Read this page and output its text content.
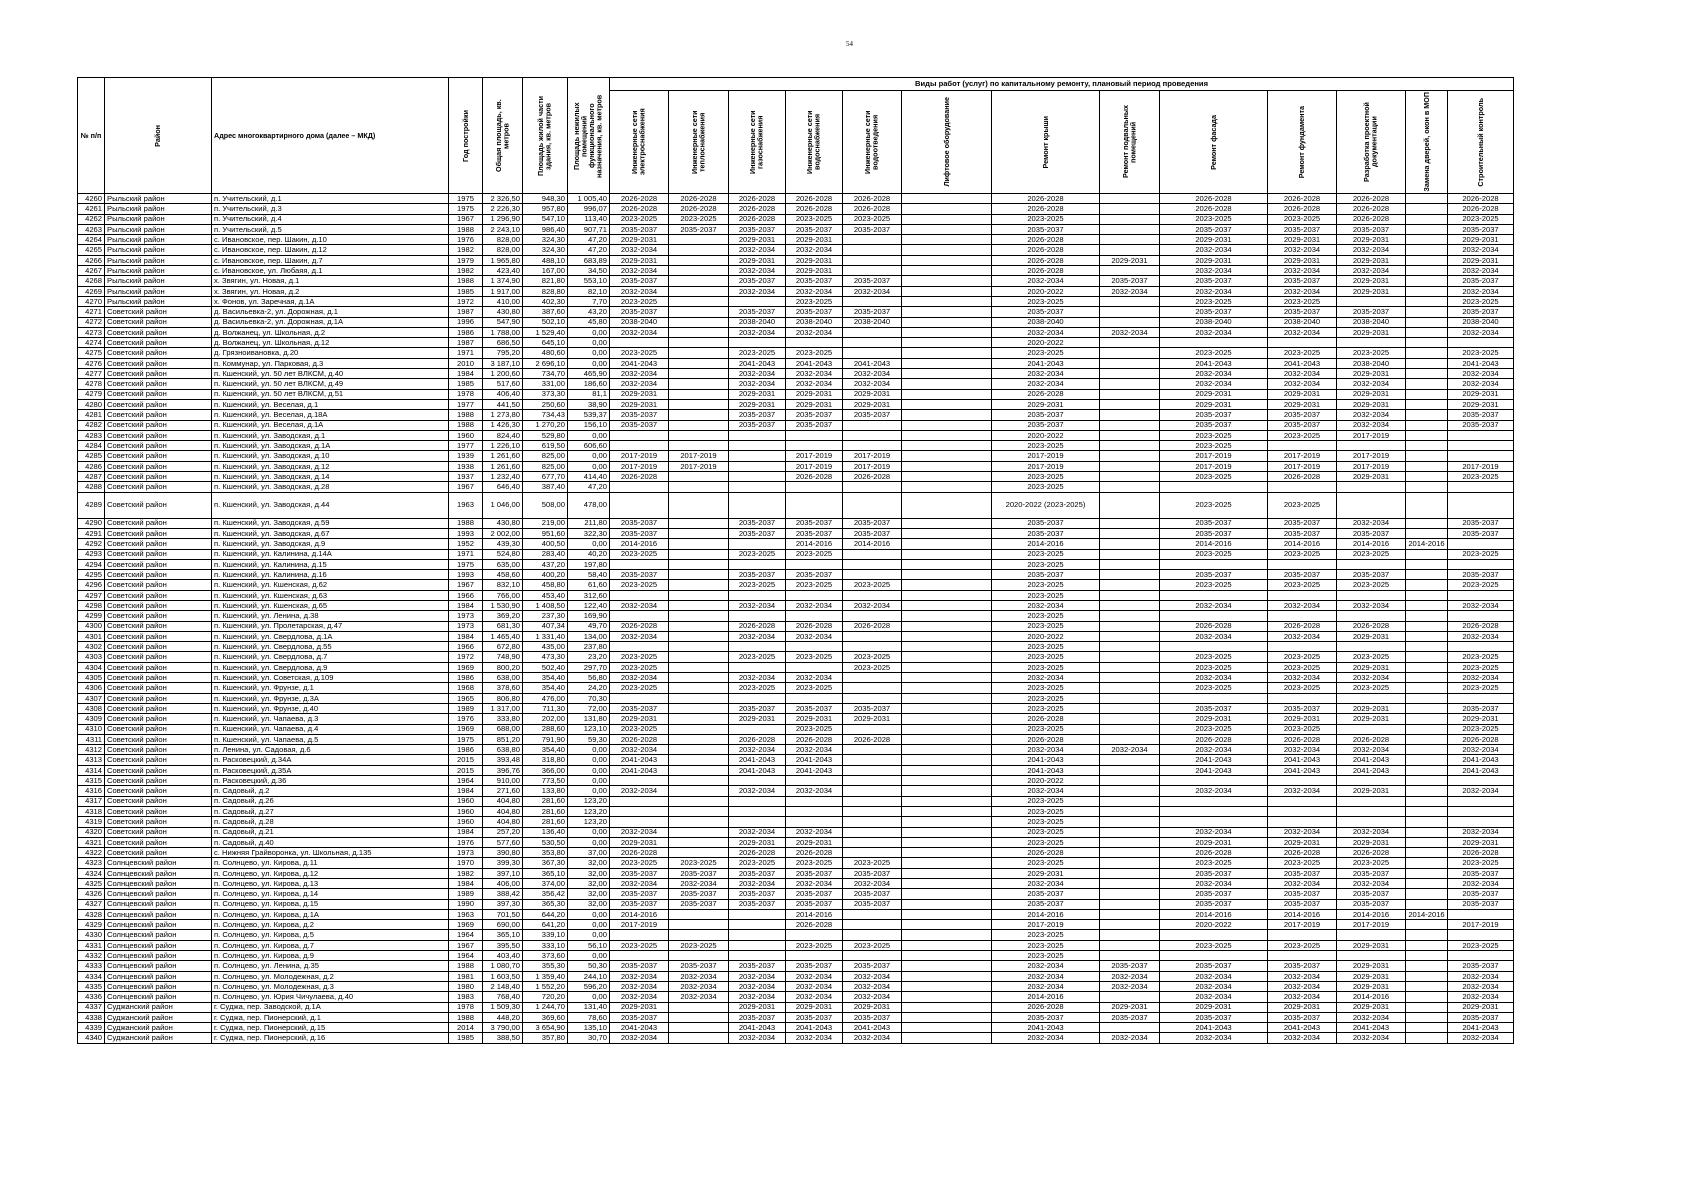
54
№ п/п	Район	Адрес многоквартирного дома (далее – МКД)	Год постройки	Общая площадь, кв. метров	Площадь жилой части здания, кв. метров	Площадь нежилых помещений функционального назначения, кв. метров	Виды работ (услуг) по капитальному ремонту, плановый период проведения												

							Инженерные сети электроснабжения	Инженерные сети теплоснабжения	Инженерные сети газоснабжения	Инженерные сети водоснабжения	Инженерные сети водоотведения	Лифтовое оборудование	Ремонт крыши	Ремонт подвальных помещений	Ремонт фасада	Ремонт фундамента	Разработка проектной документации	Замена дверей, окон в МОП	Строительный контроль

4260	Рыльский район	п. Учительский, д.1	1975	2 326,50	948,30	1 005,40	2026-2028	2026-2028	2026-2028	2026-2028	2026-2028		2026-2028		2026-2028	2026-2028	2026-2028		2026-2028
4261	Рыльский район	п. Учительский, д.3	1975	2 226,30	957,80	996,07	2026-2028	2026-2028	2026-2028	2026-2028	2026-2028		2026-2028		2026-2028	2026-2028	2026-2028		2026-2028
4262	Рыльский район	п. Учительский, д.4	1967	1 296,90	547,10	113,40	2023-2025	2023-2025	2026-2028	2023-2025	2023-2025		2023-2025		2023-2025	2023-2025	2026-2028		2023-2025
4263	Рыльский район	п. Учительский, д.5	1988	2 243,10	986,40	907,71	2035-2037	2035-2037	2035-2037	2035-2037	2035-2037		2035-2037		2035-2037	2035-2037	2035-2037		2035-2037
4264	Рыльский район	с. Ивановское, пер. Шакин, д.10	1976	828,00	324,30	47,20	2029-2031		2029-2031	2029-2031			2026-2028		2029-2031	2029-2031	2029-2031		2029-2031
4265	Рыльский район	с. Ивановское, пер. Шакин, д.12	1982	828,00	324,30	47,20	2032-2034		2032-2034	2032-2034			2026-2028		2032-2034	2032-2034	2032-2034		2032-2034
4266	Рыльский район	с. Ивановское, пер. Шакин, д.7	1979	1 965,80	488,10	683,89	2029-2031		2029-2031	2029-2031			2026-2028	2029-2031	2029-2031	2029-2031	2029-2031		2029-2031
4267	Рыльский район	с. Ивановское, ул. Любаяя, д.1	1982	423,40	167,00	34,50	2032-2034		2032-2034	2029-2031			2026-2028		2032-2034	2032-2034	2032-2034		2032-2034
4268	Рыльский район	х. Звягин, ул. Новая, д.1	1988	1 374,90	821,80	553,10	2035-2037		2035-2037	2035-2037	2035-2037		2032-2034	2035-2037	2035-2037	2035-2037	2029-2031		2035-2037
4269	Рыльский район	х. Звягин, ул. Новая, д.2	1985	1 917,00	828,80	82,10	2032-2034		2032-2034	2032-2034	2032-2034		2020-2022	2032-2034	2032-2034	2032-2034	2029-2031		2032-2034
4270	Рыльский район	х. Фонов, ул. Заречная, д.1А	1972	410,00	402,30	7,70	2023-2025			2023-2025			2023-2025		2023-2025	2023-2025			2023-2025
4271	Советский район	д. Васильевка-2, ул. Дорожная, д.1	1987	430,80	387,60	43,20	2035-2037		2035-2037	2035-2037	2035-2037		2035-2037		2035-2037	2035-2037	2035-2037		2035-2037
4272	Советский район	д. Васильевка-2, ул. Дорожная, д.1А	1996	547,90	502,10	45,80	2038-2040		2038-2040	2038-2040	2038-2040		2038-2040		2038-2040	2038-2040	2038-2040		2038-2040
4273	Советский район	д. Волжанец, ул. Школьная, д.2	1986	1 788,00	1 529,40	0,00	2032-2034		2032-2034	2032-2034			2032-2034	2032-2034	2032-2034	2032-2034	2029-2031		2032-2034
4274	Советский район	д. Волжанец, ул. Школьная, д.12	1987	686,50	645,10	0,00							2020-2022						
4275	Советский район	д. Грязноивановка, д.20	1971	795,20	480,60	0,00	2023-2025		2023-2025	2023-2025			2023-2025		2023-2025	2023-2025	2023-2025		2023-2025
4276	Советский район	п. Коммунар, ул. Парковая, д.3	2010	3 187,10	2 696,10	0,00	2041-2043		2041-2043	2041-2043	2041-2043		2041-2043		2041-2043	2041-2043	2038-2040		2041-2043
4277	Советский район	п. Кшенский, ул. 50 лет ВЛКСМ, д.40	1984	1 200,60	734,70	465,90	2032-2034		2032-2034	2032-2034	2032-2034		2032-2034		2032-2034	2032-2034	2029-2031		2032-2034
4278	Советский район	п. Кшенский, ул. 50 лет ВЛКСМ, д.49	1985	517,60	331,00	186,60	2032-2034		2032-2034	2032-2034	2032-2034		2032-2034		2032-2034	2032-2034	2032-2034		2032-2034
4279	Советский район	п. Кшенский, ул. 50 лет ВЛКСМ, д.51	1978	406,40	373,30	81,1	2029-2031		2029-2031	2029-2031	2029-2031		2026-2028		2029-2031	2029-2031	2029-2031		2029-2031
4280	Советский район	п. Кшенский, ул. Веселая, д.1	1977	441,50	250,60	38,90	2029-2031		2029-2031	2029-2031	2029-2031		2029-2031		2029-2031	2029-2031	2029-2031		2029-2031
4281	Советский район	п. Кшенский, ул. Веселая, д.18А	1988	1 273,80	734,43	539,37	2035-2037		2035-2037	2035-2037	2035-2037		2035-2037		2035-2037	2035-2037	2032-2034		2035-2037
4282	Советский район	п. Кшенский, ул. Веселая, д.1А	1988	1 426,30	1 270,20	156,10	2035-2037		2035-2037	2035-2037			2035-2037		2035-2037	2035-2037	2032-2034		2035-2037
4283	Советский район	п. Кшенский, ул. Заводская, д.1	1960	824,40	529,80	0,00							2020-2022		2023-2025	2023-2025	2017-2019		
4284	Советский район	п. Кшенский, ул. Заводская, д.1А	1977	1 226,10	619,50	606,60							2023-2025		2023-2025				
4285	Советский район	п. Кшенский, ул. Заводская, д.10	1939	1 261,60	825,00	0,00	2017-2019	2017-2019		2017-2019	2017-2019		2017-2019		2017-2019	2017-2019	2017-2019		
4286	Советский район	п. Кшенский, ул. Заводская, д.12	1938	1 261,60	825,00	0,00	2017-2019	2017-2019		2017-2019	2017-2019		2017-2019		2017-2019	2017-2019	2017-2019		2017-2019
4287	Советский район	п. Кшенский, ул. Заводская, д.14	1937	1 232,40	677,70	414,40	2026-2028			2026-2028	2026-2028		2023-2025		2023-2025	2026-2028	2029-2031		2023-2025
4288	Советский район	п. Кшенский, ул. Заводская, д.28	1967	646,40	387,40	47,20							2023-2025						
4289	Советский район	п. Кшенский, ул. Заводская, д.44	1963	1 046,00	508,00	478,00							2020-2022 (2023-2025)		2023-2025	2023-2025			
4290	Советский район	п. Кшенский, ул. Заводская, д.59	1988	430,80	219,00	211,80	2035-2037		2035-2037	2035-2037	2035-2037		2035-2037		2035-2037	2035-2037	2032-2034		2035-2037
4291	Советский район	п. Кшенский, ул. Заводская, д.67	1993	2 002,00	951,60	322,30	2035-2037		2035-2037	2035-2037	2035-2037		2035-2037		2035-2037	2035-2037	2035-2037		2035-2037
4292	Советский район	п. Кшенский, ул. Заводская, д.9	1952	439,30	400,50	0,00	2014-2016			2014-2016	2014-2016		2014-2016		2014-2016	2014-2016	2014-2016	2014-2016	
4293	Советский район	п. Кшенский, ул. Калинина, д.14А	1971	524,80	283,40	40,20	2023-2025		2023-2025	2023-2025			2023-2025		2023-2025	2023-2025	2023-2025		2023-2025
4294	Советский район	п. Кшенский, ул. Калинина, д.15	1975	635,00	437,20	197,80							2023-2025						
4295	Советский район	п. Кшенский, ул. Калинина, д.16	1993	458,60	400,20	58,40	2035-2037		2035-2037	2035-2037			2035-2037		2035-2037	2035-2037	2035-2037		2035-2037
4296	Советский район	п. Кшенский, ул. Кшенская, д.62	1967	832,10	458,80	61,60	2023-2025		2023-2025	2023-2025	2023-2025		2023-2025		2023-2025	2023-2025	2023-2025		2023-2025
4297	Советский район	п. Кшенский, ул. Кшенская, д.63	1966	766,00	453,40	312,60							2023-2025						
4298	Советский район	п. Кшенский, ул. Кшенская, д.65	1984	1 530,90	1 408,50	122,40	2032-2034		2032-2034	2032-2034	2032-2034		2032-2034		2032-2034	2032-2034	2032-2034		2032-2034
4299	Советский район	п. Кшенский, ул. Ленина, д.38	1973	369,20	237,30	169,90							2023-2025						
4300	Советский район	п. Кшенский, ул. Пролетарская, д.47	1973	681,30	407,34	49,70	2026-2028		2026-2028	2026-2028	2026-2028		2023-2025		2026-2028	2026-2028	2026-2028		2026-2028
4301	Советский район	п. Кшенский, ул. Свердлова, д.1А	1984	1 465,40	1 331,40	134,00	2032-2034		2032-2034	2032-2034			2020-2022		2032-2034	2032-2034	2029-2031		2032-2034
4302	Советский район	п. Кшенский, ул. Свердлова, д.55	1966	672,80	435,00	237,80							2023-2025						
4303	Советский район	п. Кшенский, ул. Свердлова, д.7	1972	748,90	473,30	23,20	2023-2025		2023-2025	2023-2025	2023-2025		2023-2025		2023-2025	2023-2025	2023-2025		2023-2025
4304	Советский район	п. Кшенский, ул. Свердлова, д.9	1969	800,20	502,40	297,70	2023-2025				2023-2025		2023-2025		2023-2025	2023-2025	2029-2031		2023-2025
4305	Советский район	п. Кшенский, ул. Советская, д.109	1986	638,00	354,40	56,80	2032-2034		2032-2034	2032-2034			2032-2034		2032-2034	2032-2034	2032-2034		2032-2034
4306	Советский район	п. Кшенский, ул. Фрунзе, д.1	1968	378,60	354,40	24,20	2023-2025		2023-2025	2023-2025			2023-2025		2023-2025	2023-2025	2023-2025		2023-2025
4307	Советский район	п. Кшенский, ул. Фрунзе, д.3А	1965	806,80	476,00	70,30							2023-2025						
4308	Советский район	п. Кшенский, ул. Фрунзе, д.40	1989	1 317,00	711,30	72,00	2035-2037		2035-2037	2035-2037	2035-2037		2023-2025		2035-2037	2035-2037	2029-2031		2035-2037
4309	Советский район	п. Кшенский, ул. Чапаева, д.3	1976	333,80	202,00	131,80	2029-2031		2029-2031	2029-2031	2029-2031		2026-2028		2029-2031	2029-2031	2029-2031		2029-2031
4310	Советский район	п. Кшенский, ул. Чапаева, д.4	1969	688,00	288,60	123,10	2023-2025			2023-2025			2023-2025		2023-2025	2023-2025			2023-2025
4311	Советский район	п. Кшенский, ул. Чапаева, д.5	1975	851,20	791,90	59,30	2026-2028		2026-2028	2026-2028	2026-2028		2026-2028		2026-2028	2026-2028	2026-2028		2026-2028
4312	Советский район	п. Ленина, ул. Садовая, д.6	1986	638,80	354,40	0,00	2032-2034		2032-2034	2032-2034			2032-2034	2032-2034	2032-2034	2032-2034	2032-2034		2032-2034
4313	Советский район	п. Расковецкий, д.34А	2015	393,48	318,80	0,00	2041-2043		2041-2043	2041-2043			2041-2043		2041-2043	2041-2043	2041-2043		2041-2043
4314	Советский район	п. Расковецкий, д.35А	2015	396,76	366,00	0,00	2041-2043		2041-2043	2041-2043			2041-2043		2041-2043	2041-2043	2041-2043		2041-2043
4315	Советский район	п. Расковецкий, д.36	1964	910,00	773,50	0,00							2020-2022						
4316	Советский район	п. Садовый, д.2	1984	271,60	133,80	0,00	2032-2034		2032-2034	2032-2034			2032-2034		2032-2034	2032-2034	2029-2031		2032-2034
4317	Советский район	п. Садовый, д.26	1960	404,80	281,60	123,20							2023-2025						
4318	Советский район	п. Садовый, д.27	1960	404,80	281,60	123,20							2023-2025						
4319	Советский район	п. Садовый, д.28	1960	404,80	281,60	123,20							2023-2025						
4320	Советский район	п. Садовый, д.21	1984	257,20	136,40	0,00	2032-2034		2032-2034	2032-2034			2023-2025		2032-2034	2032-2034	2032-2034		2032-2034
4321	Советский район	п. Садовый, д.40	1976	577,60	530,50	0,00	2029-2031		2029-2031	2029-2031			2023-2025		2029-2031	2029-2031	2029-2031		2029-2031
4322	Советский район	с. Нижняя Грайворонка, ул. Школьная, д.135	1973	390,80	353,80	37,00	2026-2028		2026-2028	2026-2028			2026-2028		2026-2028	2026-2028	2026-2028		2026-2028
4323	Солнцевский район	п. Солнцево, ул. Кирова, д.11	1970	399,30	367,30	32,00	2023-2025	2023-2025	2023-2025	2023-2025	2023-2025		2023-2025		2023-2025	2023-2025	2023-2025		2023-2025
4324	Солнцевский район	п. Солнцево, ул. Кирова, д.12	1982	397,10	365,10	32,00	2035-2037	2035-2037	2035-2037	2035-2037	2035-2037		2029-2031		2035-2037	2035-2037	2035-2037		2035-2037
4325	Солнцевский район	п. Солнцево, ул. Кирова, д.13	1984	406,00	374,00	32,00	2032-2034	2032-2034	2032-2034	2032-2034	2032-2034		2032-2034		2032-2034	2032-2034	2032-2034		2032-2034
4326	Солнцевский район	п. Солнцево, ул. Кирова, д.14	1989	388,42	356,42	32,00	2035-2037	2035-2037	2035-2037	2035-2037	2035-2037		2035-2037		2035-2037	2035-2037	2035-2037		2035-2037
4327	Солнцевский район	п. Солнцево, ул. Кирова, д.15	1990	397,30	365,30	32,00	2035-2037	2035-2037	2035-2037	2035-2037	2035-2037		2035-2037		2035-2037	2035-2037	2035-2037		2035-2037
4328	Солнцевский район	п. Солнцево, ул. Кирова, д.1А	1963	701,50	644,20	0,00	2014-2016			2014-2016			2014-2016		2014-2016	2014-2016	2014-2016	2014-2016	
4329	Солнцевский район	п. Солнцево, ул. Кирова, д.2	1969	690,00	641,20	0,00	2017-2019			2026-2028			2017-2019		2020-2022	2017-2019	2017-2019		2017-2019
4330	Солнцевский район	п. Солнцево, ул. Кирова, д.5	1964	365,10	339,10	0,00							2023-2025						
4331	Солнцевский район	п. Солнцево, ул. Кирова, д.7	1967	395,50	333,10	56,10	2023-2025	2023-2025		2023-2025	2023-2025		2023-2025		2023-2025	2023-2025	2029-2031		2023-2025
4332	Солнцевский район	п. Солнцево, ул. Кирова, д.9	1964	403,40	373,60	0,00							2023-2025						
4333	Солнцевский район	п. Солнцево, ул. Ленина, д.35	1988	1 080,70	355,30	50,30	2035-2037	2035-2037	2035-2037	2035-2037	2035-2037		2032-2034	2035-2037	2035-2037	2035-2037	2029-2031		2035-2037
4334	Солнцевский район	п. Солнцево, ул. Молодежная, д.2	1981	1 603,50	1 359,40	244,10	2032-2034	2032-2034	2032-2034	2032-2034	2032-2034		2032-2034	2032-2034	2032-2034	2032-2034	2029-2031		2032-2034
4335	Солнцевский район	п. Солнцево, ул. Молодежная, д.3	1980	2 148,40	1 552,20	596,20	2032-2034	2032-2034	2032-2034	2032-2034	2032-2034		2032-2034	2032-2034	2032-2034	2032-2034	2029-2031		2032-2034
4336	Солнцевский район	п. Солнцево, ул. Юрия Чичулаева, д.40	1983	768,40	720,20	0,00	2032-2034	2032-2034	2032-2034	2032-2034	2032-2034		2014-2016		2032-2034	2032-2034	2014-2016		2032-2034
4337	Суджанский район	г. Суджа, пер. Заводской, д.1А	1978	1 509,30	1 244,70	131,40	2029-2031		2029-2031	2029-2031	2029-2031		2026-2028	2029-2031	2029-2031	2029-2031	2029-2031		2029-2031
4338	Суджанский район	г. Суджа, пер. Пионерский, д.1	1988	448,20	369,60	78,60	2035-2037		2035-2037	2035-2037	2035-2037		2035-2037	2035-2037	2035-2037	2035-2037	2032-2034		2035-2037
4339	Суджанский район	г. Суджа, пер. Пионерский, д.15	2014	3 790,00	3 654,90	135,10	2041-2043		2041-2043	2041-2043	2041-2043		2041-2043		2041-2043	2041-2043	2041-2043		2041-2043
4340	Суджанский район	г. Суджа, пер. Пионерский, д.16	1985	388,50	357,80	30,70	2032-2034		2032-2034	2032-2034	2032-2034		2032-2034	2032-2034	2032-2034	2032-2034	2032-2034		2032-2034
